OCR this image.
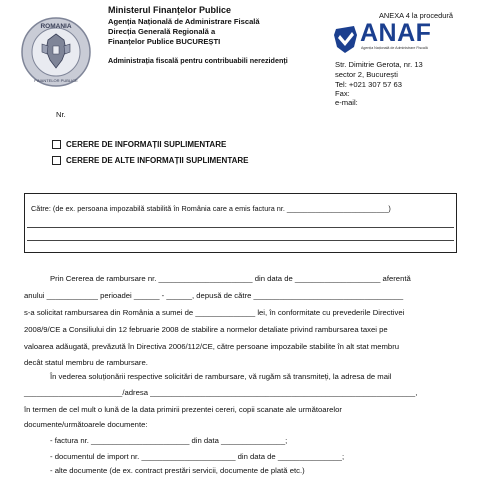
ROMANIA
FINANTELOR PUBLICE
Ministerul Finanțelor Publice
Agenția Națională de Administrare Fiscală
Direcția Generală Regională a
Finanțelor Publice BUCUREȘTI
Administrația fiscală pentru contribuabili nerezidenți
ANEXA 4 la procedură
ANAF
Agenția Națională de Administrare Fiscală
Str. Dimitrie Gerota, nr. 13
sector 2, București
Tel: +021 307 57 63
Fax:
e-mail:
Nr.
CERERE DE INFORMAȚII SUPLIMENTARE
CERERE DE ALTE INFORMAȚII SUPLIMENTARE
Către: (de ex. persoana impozabilă stabilită în România care a emis factura nr. _________________________)
Prin Cererea de rambursare nr. ______________________ din data de ____________________ aferentă
anului ____________ perioadei ______ - ______, depusă de către ___________________________________
s-a solicitat rambursarea din România a sumei de ______________ lei, în conformitate cu prevederile Directivei
2008/9/CE a Consiliului din 12 februarie 2008 de stabilire a normelor detaliate privind rambursarea taxei pe
valoarea adăugată, prevăzută în Directiva 2006/112/CE, către persoane impozabile stabilite în alt stat membru
decât statul membru de rambursare.
În vederea soluționării respective solicitări de rambursare, vă rugăm să transmiteți, la adresa de mail
_______________________/adresa ______________________________________________________________,
în termen de cel mult o lună de la data primirii prezentei cereri, copii scanate ale următoarelor
documente/următoarele documente:
- factura nr. _______________________ din data _______________;
- documentul de import nr. ______________________ din data de _______________;
- alte documente (de ex. contract prestări servicii, documente de plată etc.)
